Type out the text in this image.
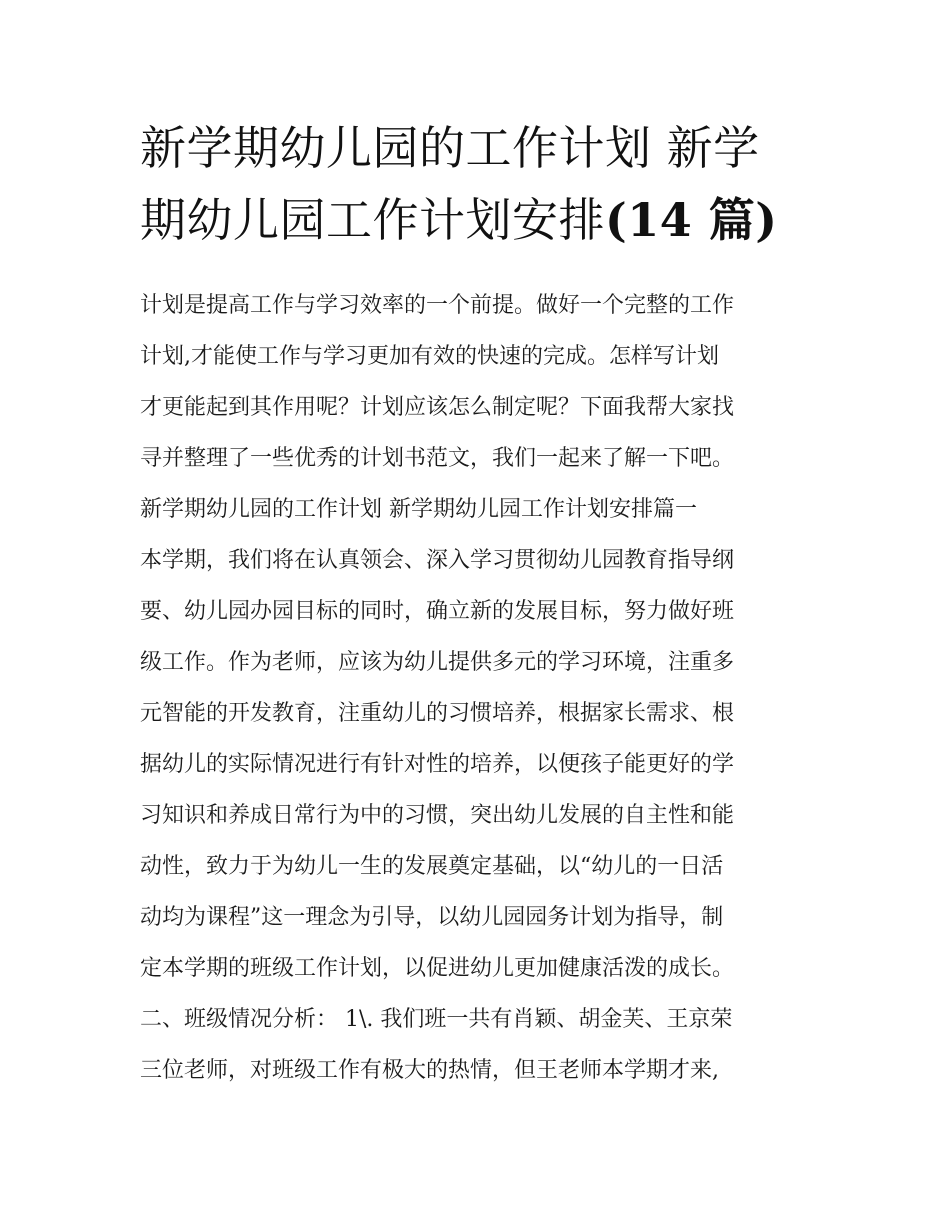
新学期幼儿园的工作计划 新学
期幼儿园工作计划安排(14 篇)
计划是提高工作与学习效率的一个前提。做好一个完整的工作
计划,才能使工作与学习更加有效的快速的完成。怎样写计划
才更能起到其作用呢？计划应该怎么制定呢？下面我帮大家找
寻并整理了一些优秀的计划书范文，我们一起来了解一下吧。
新学期幼儿园的工作计划 新学期幼儿园工作计划安排篇一
本学期，我们将在认真领会、深入学习贯彻幼儿园教育指导纲
要、幼儿园办园目标的同时，确立新的发展目标，努力做好班
级工作。作为老师，应该为幼儿提供多元的学习环境，注重多
元智能的开发教育，注重幼儿的习惯培养，根据家长需求、根
据幼儿的实际情况进行有针对性的培养，以便孩子能更好的学
习知识和养成日常行为中的习惯，突出幼儿发展的自主性和能
动性，致力于为幼儿一生的发展奠定基础，以“幼儿的一日活
动均为课程”这一理念为引导，以幼儿园园务计划为指导，制
定本学期的班级工作计划，以促进幼儿更加健康活泼的成长。
二、班级情况分析： 1\. 我们班一共有肖颖、胡金芙、王京荣
三位老师，对班级工作有极大的热情，但王老师本学期才来,
